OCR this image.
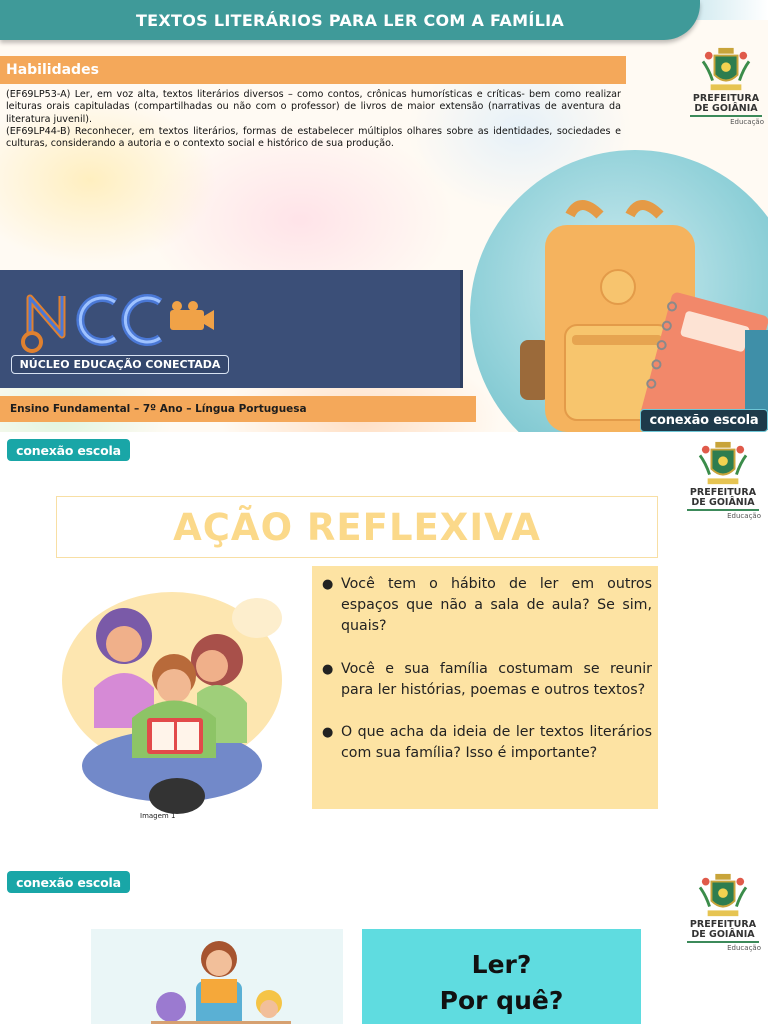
TEXTOS LITERÁRIOS PARA LER COM A FAMÍLIA
Habilidades

(EF69LP53-A) Ler, em voz alta, textos literários diversos – como contos, crônicas humorísticas e críticas- bem como realizar leituras orais capituladas (compartilhadas ou não com o professor) de livros de maior extensão (narrativas de aventura da literatura juvenil).

(EF69LP44-B) Reconhecer, em textos literários, formas de estabelecer múltiplos olhares sobre as identidades, sociedades e culturas, considerando a autoria e o contexto social e histórico de sua produção.

PREFEITURA
DE GOIÂNIA
Educação
NÚCLEO EDUCAÇÃO CONECTADA
Ensino Fundamental – 7º Ano – Língua Portuguesa
conexão escola
conexão escola
PREFEITURA
DE GOIÂNIA
Educação
AÇÃO REFLEXIVA
Imagem 1
● Você tem o hábito de ler em outros espaços que não a sala de aula? Se sim, quais?
● Você e sua família costumam se reunir para ler histórias, poemas e outros textos?
● O que acha da ideia de ler textos literários com sua família? Isso é importante?
conexão escola
PREFEITURA
DE GOIÂNIA
Educação
Ler?
Por quê?
